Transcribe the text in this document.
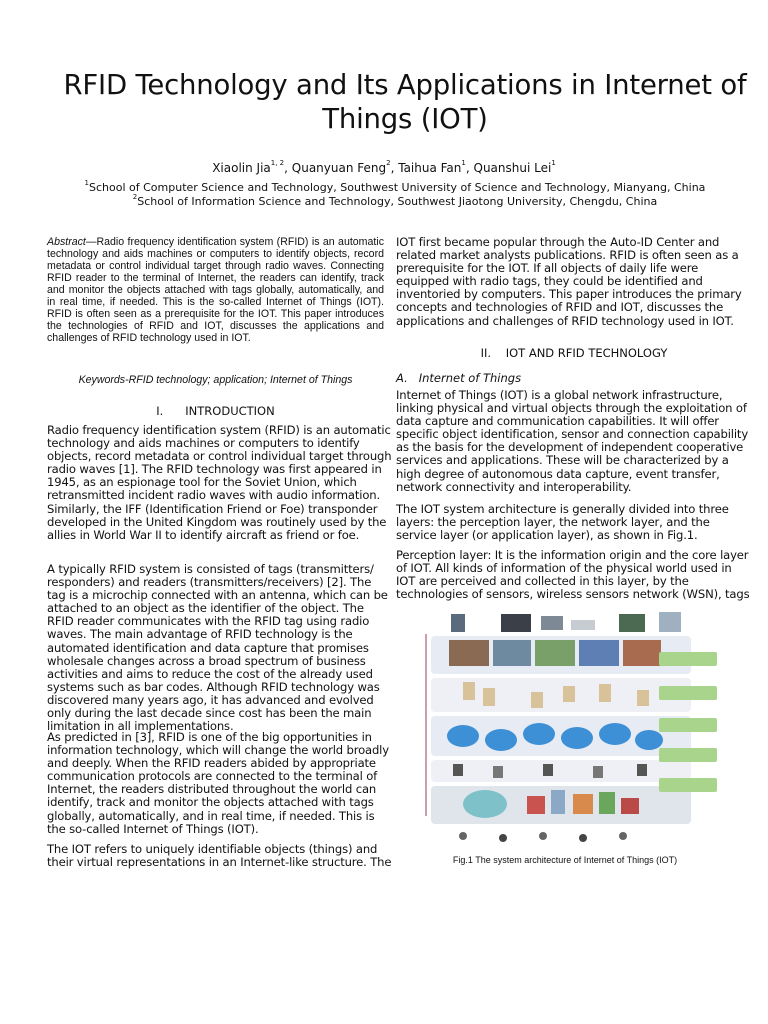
RFID Technology and Its Applications in Internet of Things (IOT)
Xiaolin Jia$^{1, 2}$, Quanyuan Feng$^2$, Taihua Fan$^1$, Quanshui Lei$^1$
$^1$School of Computer Science and Technology, Southwest University of Science and Technology, Mianyang, China
$^2$School of Information Science and Technology, Southwest Jiaotong University, Chengdu, China
Abstract—Radio frequency identification system (RFID) is an automatic technology and aids machines or computers to identify objects, record metadata or control individual target through radio waves. Connecting RFID reader to the terminal of Internet, the readers can identify, track and monitor the objects attached with tags globally, automatically, and in real time, if needed. This is the so-called Internet of Things (IOT). RFID is often seen as a prerequisite for the IOT. This paper introduces the technologies of RFID and IOT, discusses the applications and challenges of RFID technology used in IOT.
Keywords-RFID technology; application; Internet of Things
I. INTRODUCTION
Radio frequency identification system (RFID) is an automatic technology and aids machines or computers to identify objects, record metadata or control individual target through radio waves [1]. The RFID technology was first appeared in 1945, as an espionage tool for the Soviet Union, which retransmitted incident radio waves with audio information. Similarly, the IFF (Identification Friend or Foe) transponder developed in the United Kingdom was routinely used by the allies in World War II to identify aircraft as friend or foe.
A typically RFID system is consisted of tags (transmitters/ responders) and readers (transmitters/receivers) [2]. The tag is a microchip connected with an antenna, which can be attached to an object as the identifier of the object. The RFID reader communicates with the RFID tag using radio waves. The main advantage of RFID technology is the automated identification and data capture that promises wholesale changes across a broad spectrum of business activities and aims to reduce the cost of the already used systems such as bar codes. Although RFID technology was discovered many years ago, it has advanced and evolved only during the last decade since cost has been the main limitation in all implementations.
As predicted in [3], RFID is one of the big opportunities in information technology, which will change the world broadly and deeply. When the RFID readers abided by appropriate communication protocols are connected to the terminal of Internet, the readers distributed throughout the world can identify, track and monitor the objects attached with tags globally, automatically, and in real time, if needed. This is the so-called Internet of Things (IOT).
The IOT refers to uniquely identifiable objects (things) and their virtual representations in an Internet-like structure. The
IOT first became popular through the Auto-ID Center and related market analysts publications. RFID is often seen as a prerequisite for the IOT. If all objects of daily life were equipped with radio tags, they could be identified and inventoried by computers. This paper introduces the primary concepts and technologies of RFID and IOT, discusses the applications and challenges of RFID technology used in IOT.
II. IOT AND RFID TECHNOLOGY
A. Internet of Things
Internet of Things (IOT) is a global network infrastructure, linking physical and virtual objects through the exploitation of data capture and communication capabilities. It will offer specific object identification, sensor and connection capability as the basis for the development of independent cooperative services and applications. These will be characterized by a high degree of autonomous data capture, event transfer, network connectivity and interoperability.
The IOT system architecture is generally divided into three layers: the perception layer, the network layer, and the service layer (or application layer), as shown in Fig.1.
Perception layer: It is the information origin and the core layer of IOT. All kinds of information of the physical world used in IOT are perceived and collected in this layer, by the technologies of sensors, wireless sensors network (WSN), tags
Fig.1 The system architecture of Internet of Things (IOT)
